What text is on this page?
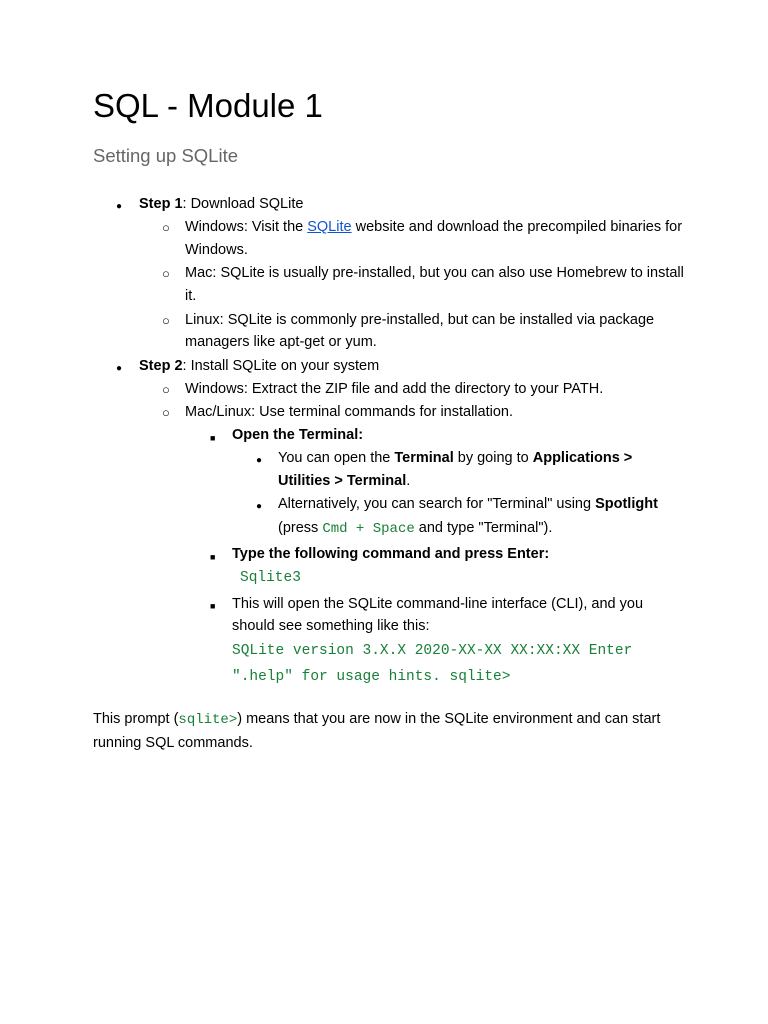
SQL - Module 1
Setting up SQLite
●
Step 1: Download SQLite
○
Windows: Visit the SQLite website and download the precompiled binaries for
Windows.
○
Mac: SQLite is usually pre-installed, but you can also use Homebrew to install
it.
○
Linux: SQLite is commonly pre-installed, but can be installed via package
managers like apt-get or yum.
●
Step 2: Install SQLite on your system
○
Windows: Extract the ZIP file and add the directory to your PATH.
○
Mac/Linux: Use terminal commands for installation.
■
Open the Terminal:
●
You can open the Terminal by going to Applications >
Utilities > Terminal.
●
Alternatively, you can search for "Terminal" using Spotlight
(press Cmd + Space and type "Terminal").
■
Type the following command and press Enter:
Sqlite3
■
This will open the SQLite command-line interface (CLI), and you
should see something like this:
SQLite version 3.X.X 2020-XX-XX XX:XX:XX Enter
".help" for usage hints. sqlite>
This prompt (sqlite>) means that you are now in the SQLite environment and can start
running SQL commands.
